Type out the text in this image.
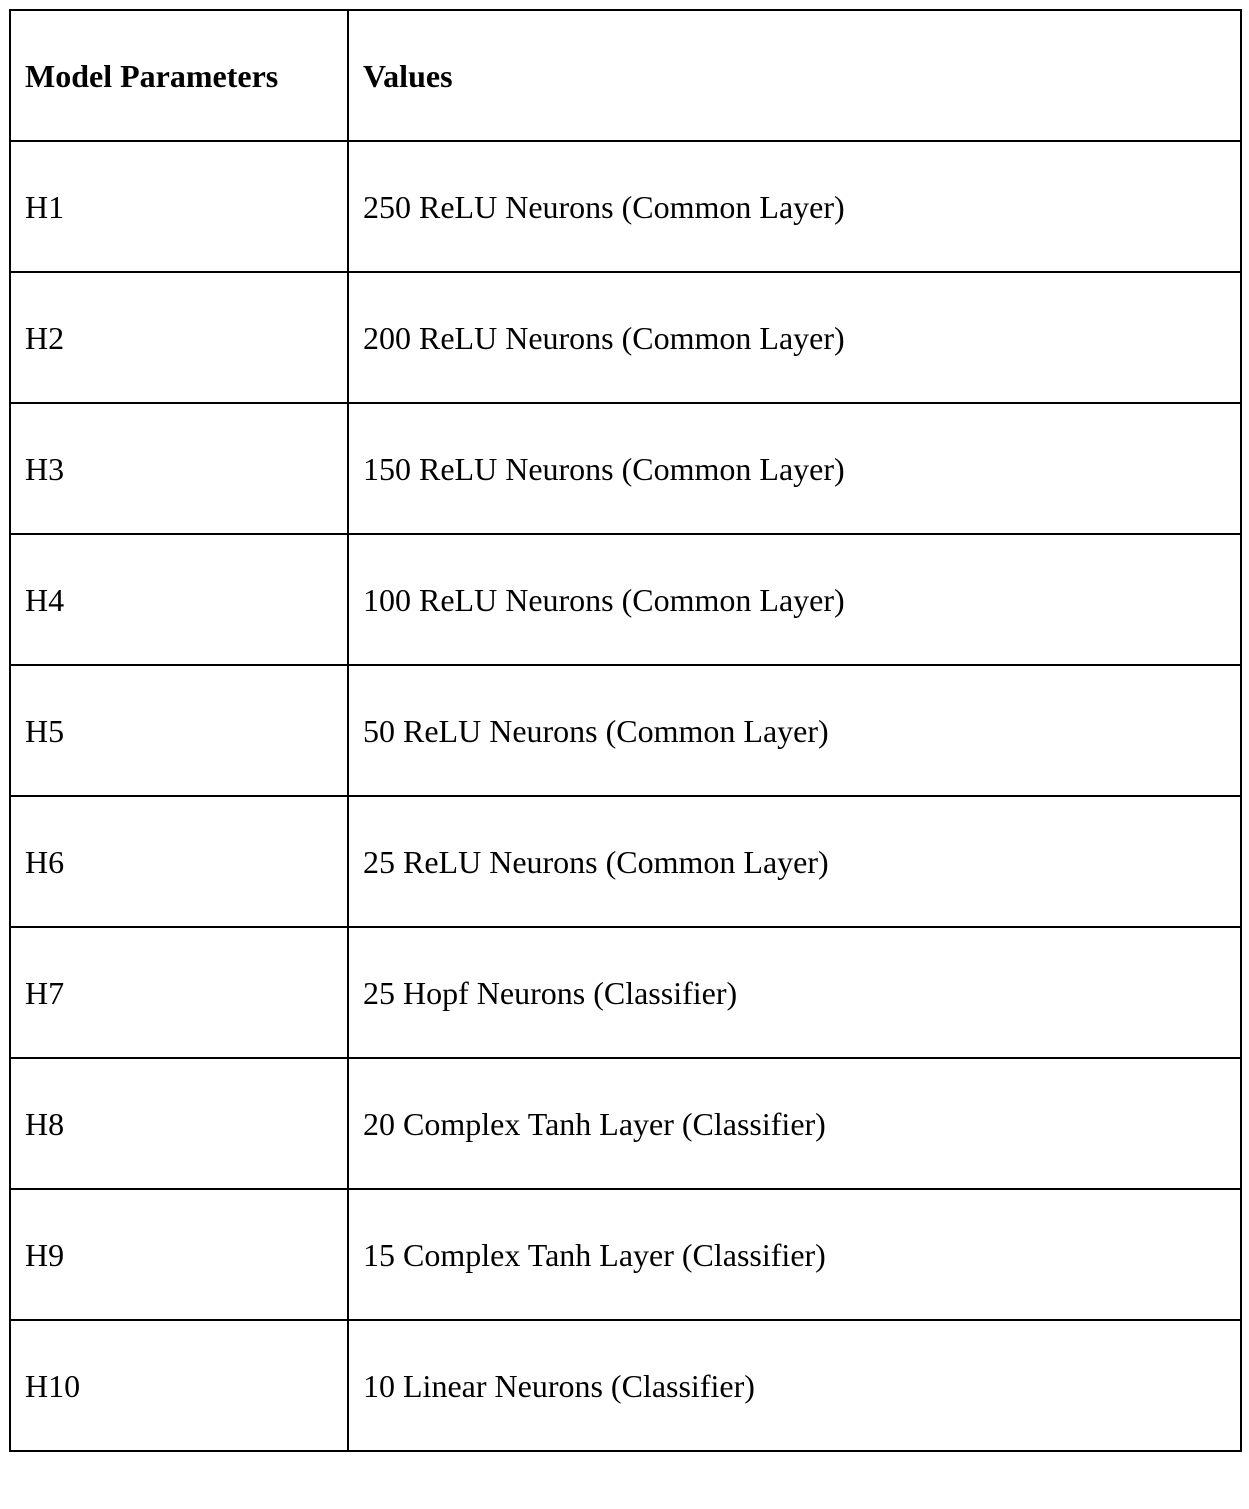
Model Parameters	Values
H1	250 ReLU Neurons (Common Layer)
H2	200 ReLU Neurons (Common Layer)
H3	150 ReLU Neurons (Common Layer)
H4	100 ReLU Neurons (Common Layer)
H5	50 ReLU Neurons (Common Layer)
H6	25 ReLU Neurons (Common Layer)
H7	25 Hopf Neurons (Classifier)
H8	20 Complex Tanh Layer (Classifier)
H9	15 Complex Tanh Layer (Classifier)
H10	10 Linear Neurons (Classifier)
